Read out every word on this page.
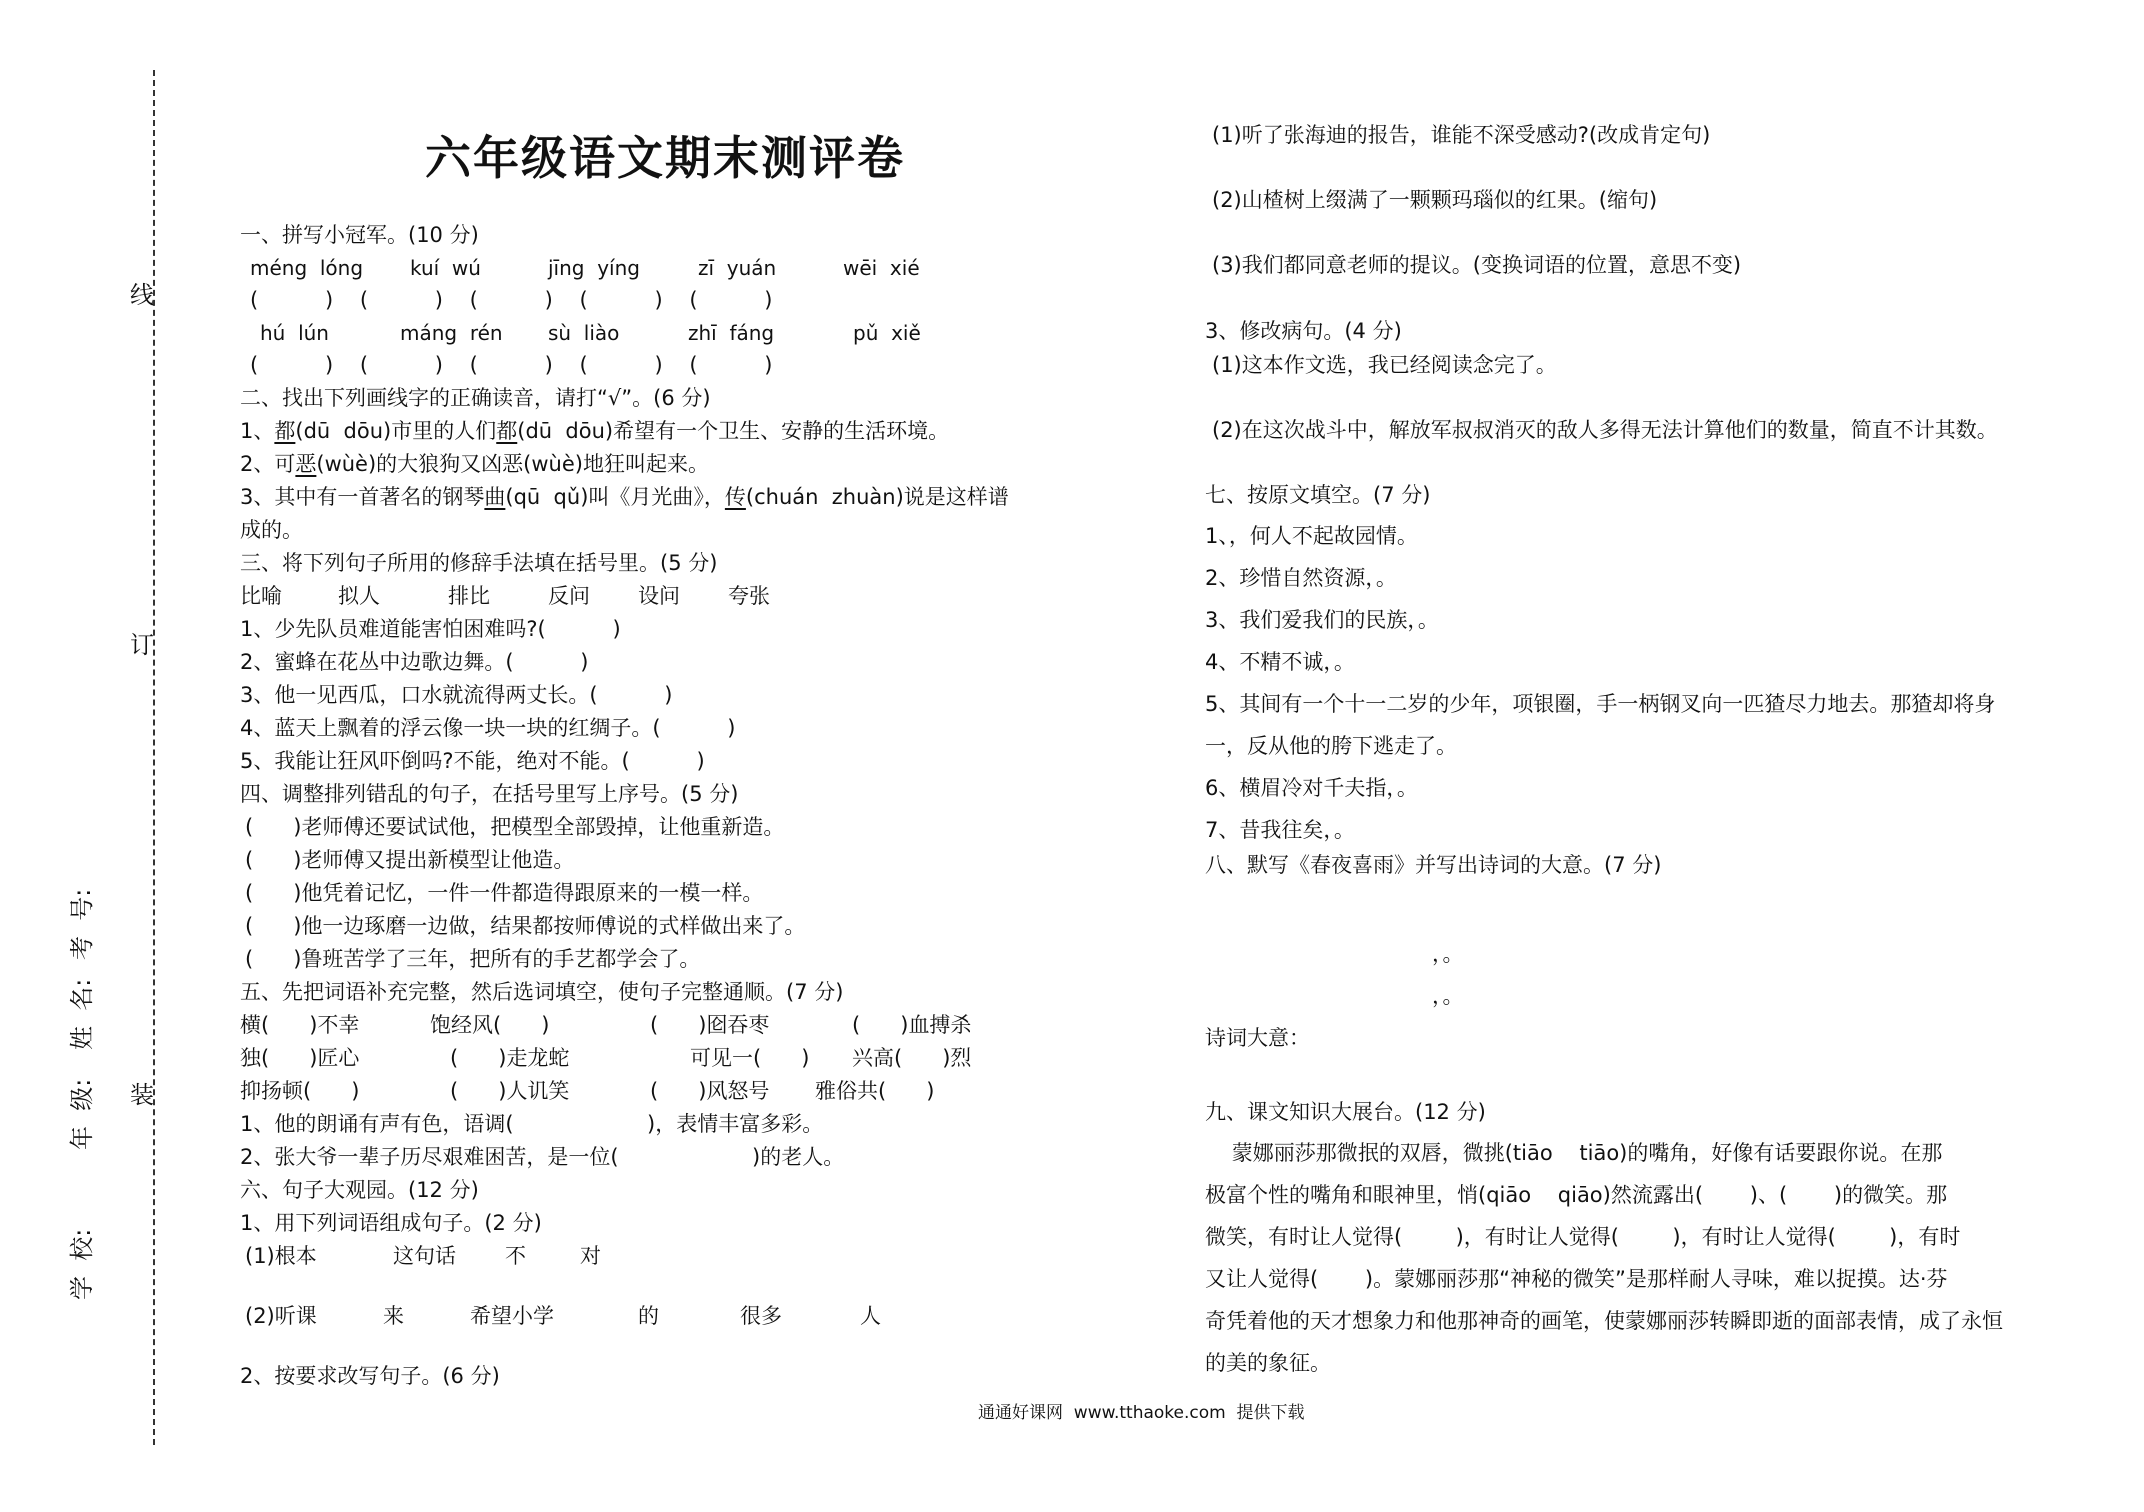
线
订
装
学  校:
年  级:
姓  名:
考  号:
六年级语文期末测评卷
一、拼写小冠军。(10 分)
méng  lóng kuí  wú	jīng  yíng	zī  yuán	wēi  xié
(          )    (          )    (          )    (          )    (          )
hú  lún	máng  rén sù  liào	zhī  fáng	pǔ  xiě
(          )    (          )    (          )    (          )    (          )
二、找出下列画线字的正确读音，请打“√”。(6 分)
1、都(dū  dōu)市里的人们都(dū  dōu)希望有一个卫生、安静的生活环境。
2、可恶(wùè)的大狼狗又凶恶(wùè)地狂叫起来。
3、其中有一首著名的钢琴曲(qū  qǔ)叫《月光曲》，传(chuán  zhuàn)说是这样谱
成的。
三、将下列句子所用的修辞手法填在括号里。(5 分)
比喻	拟人	排比	反问 设问 夸张
1、少先队员难道能害怕困难吗?(          )
2、蜜蜂在花丛中边歌边舞。(          )
3、他一见西瓜，口水就流得两丈长。(          )
4、蓝天上飘着的浮云像一块一块的红绸子。(          )
5、我能让狂风吓倒吗?不能，绝对不能。(          )
四、调整排列错乱的句子，在括号里写上序号。(5 分)
(      )老师傅还要试试他，把模型全部毁掉，让他重新造。
(      )老师傅又提出新模型让他造。
(      )他凭着记忆，一件一件都造得跟原来的一模一样。
(      )他一边琢磨一边做，结果都按师傅说的式样做出来了。
(      )鲁班苦学了三年，把所有的手艺都学会了。
五、先把词语补充完整，然后选词填空，使句子完整通顺。(7 分)
横(      )不幸	饱经风(      )	(      )囵吞枣	(      )血搏杀
独(      )匠心	(      )走龙蛇	可见一(      ) 兴高(      )烈
抑扬顿(      )	(      )人讥笑	(      )风怒号 雅俗共(      )
1、他的朗诵有声有色，语调(                    )，表情丰富多彩。
2、张大爷一辈子历尽艰难困苦，是一位(                    )的老人。
六、句子大观园。(12 分)
1、用下列词语组成句子。(2 分)
(1)根本	这句话 不	对
(2)听课	来	希望小学	的	很多	人
2、按要求改写句子。(6 分)
(1)听了张海迪的报告，谁能不深受感动?(改成肯定句)
(2)山楂树上缀满了一颗颗玛瑙似的红果。(缩句)
(3)我们都同意老师的提议。(变换词语的位置，意思不变)
3、修改病句。(4 分)
(1)这本作文选，我已经阅读念完了。
(2)在这次战斗中，解放军叔叔消灭的敌人多得无法计算他们的数量，简直不计其数。
七、按原文填空。(7 分)
1、，何人不起故园情。
2、珍惜自然资源，。
3、我们爱我们的民族，。
4、不精不诚，。
5、其间有一个十一二岁的少年，项银圈，手一柄钢叉向一匹猹尽力地去。那猹却将身
一，反从他的胯下逃走了。
6、横眉冷对千夫指，。
7、昔我往矣，。
八、默写《春夜喜雨》并写出诗词的大意。(7 分)
，。
，。
诗词大意：
九、课文知识大展台。(12 分)
蒙娜丽莎那微抿的双唇，微挑(tiāo    tiāo)的嘴角，好像有话要跟你说。在那
极富个性的嘴角和眼神里，悄(qiāo    qiāo)然流露出(       )、(       )的微笑。那
微笑，有时让人觉得(        )，有时让人觉得(        )，有时让人觉得(        )，有时
又让人觉得(       )。蒙娜丽莎那“神秘的微笑”是那样耐人寻味，难以捉摸。达·芬
奇凭着他的天才想象力和他那神奇的画笔，使蒙娜丽莎转瞬即逝的面部表情，成了永恒
的美的象征。
通通好课网  www.tthaoke.com  提供下载
